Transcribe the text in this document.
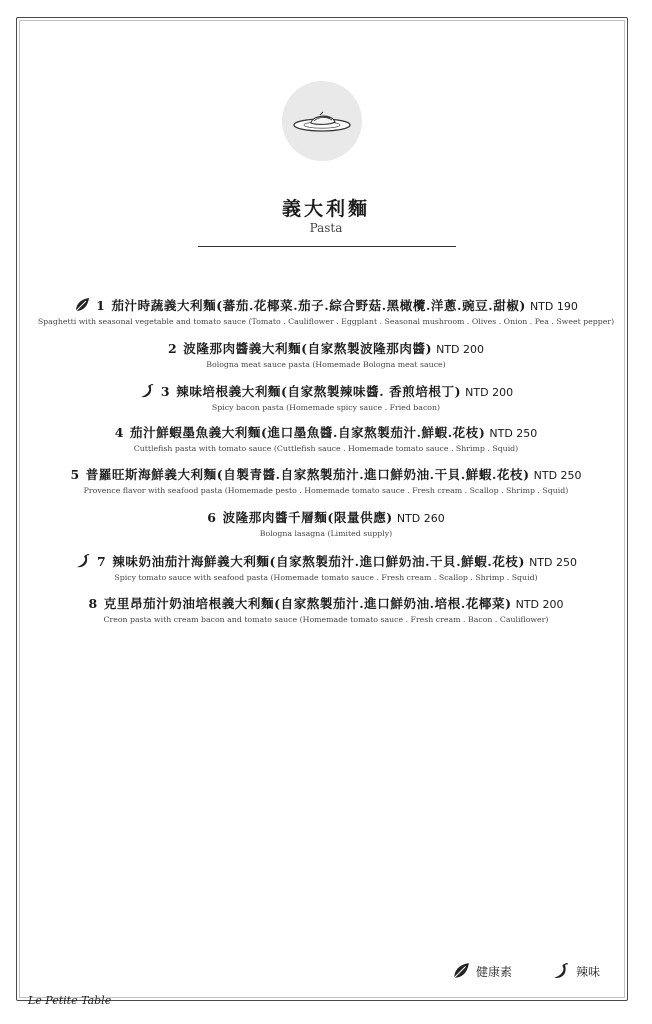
義大利麵
Pasta
1 茄汁時蔬義大利麵(蕃茄.花椰菜.茄子.綜合野菇.黑橄欖.洋蔥.豌豆.甜椒) NTD 190
Spaghetti with seasonal vegetable and tomato sauce (Tomato . Cauliflower . Eggplant . Seasonal mushroom . Olives . Onion . Pea . Sweet pepper)
2 波隆那肉醬義大利麵(自家熬製波隆那肉醬) NTD 200
Bologna meat sauce pasta (Homemade Bologna meat sauce)
3 辣味培根義大利麵(自家熬製辣味醬. 香煎培根丁) NTD 200
Spicy bacon pasta (Homemade spicy sauce . Fried bacon)
4 茄汁鮮蝦墨魚義大利麵(進口墨魚醬.自家熬製茄汁.鮮蝦.花枝) NTD 250
Cuttlefish pasta with tomato sauce (Cuttlefish sauce . Homemade tomato sauce . Shrimp . Squid)
5 普羅旺斯海鮮義大利麵(自製青醬.自家熬製茄汁.進口鮮奶油.干貝.鮮蝦.花枝) NTD 250
Provence flavor with seafood pasta (Homemade pesto . Homemade tomato sauce . Fresh cream . Scallop . Shrimp . Squid)
6 波隆那肉醬千層麵(限量供應) NTD 260
Bologna lasagna (Limited supply)
7 辣味奶油茄汁海鮮義大利麵(自家熬製茄汁.進口鮮奶油.干貝.鮮蝦.花枝) NTD 250
Spicy tomato sauce with seafood pasta (Homemade tomato sauce . Fresh cream . Scallop . Shrimp . Squid)
8 克里昂茄汁奶油培根義大利麵(自家熬製茄汁.進口鮮奶油.培根.花椰菜) NTD 200
Creon pasta with cream bacon and tomato sauce (Homemade tomato sauce . Fresh cream . Bacon . Cauliflower)
健康素	辣味
Le Petite Table
